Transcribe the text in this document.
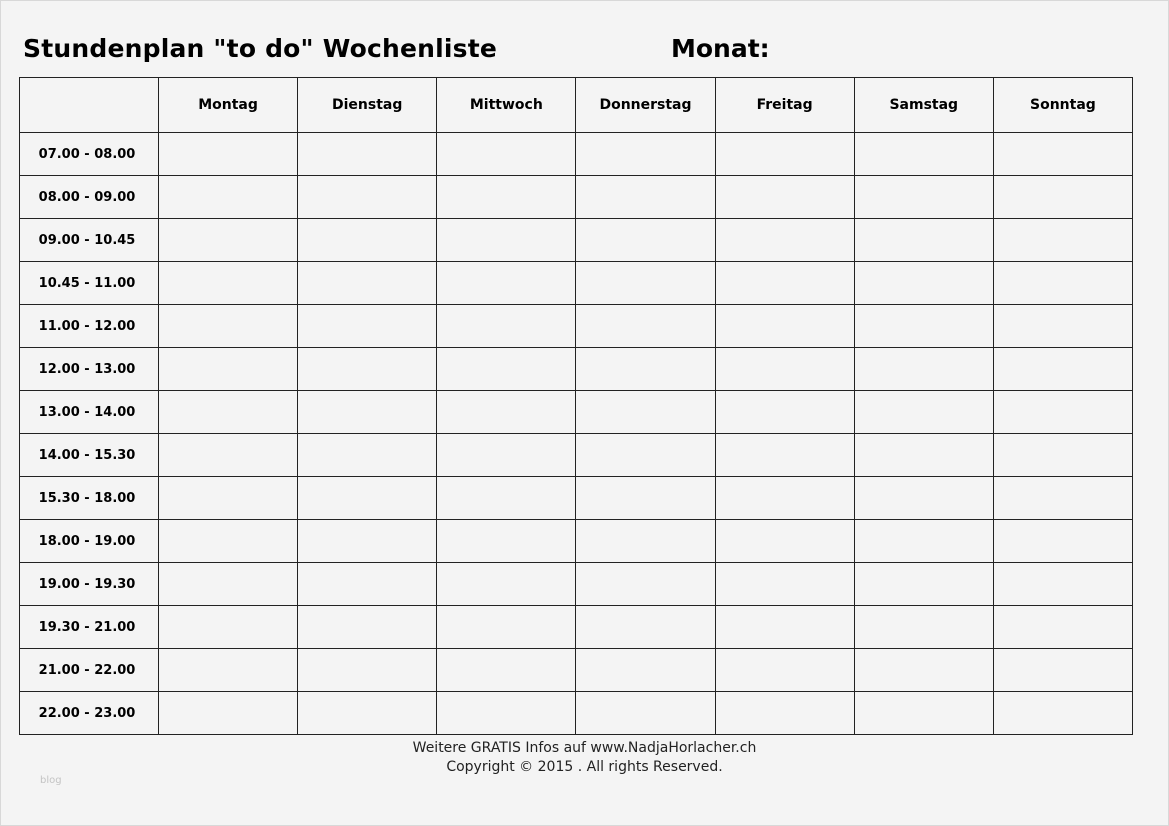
Stundenplan "to do" Wochenliste	Monat:
	Montag	Dienstag	Mittwoch	Donnerstag	Freitag	Samstag	Sonntag
07.00 - 08.00							
08.00 - 09.00							
09.00 - 10.45							
10.45 - 11.00							
11.00 - 12.00							
12.00 - 13.00							
13.00 - 14.00							
14.00 - 15.30							
15.30 - 18.00							
18.00 - 19.00							
19.00 - 19.30							
19.30 - 21.00							
21.00 - 22.00							
22.00 - 23.00							
Weitere GRATIS Infos auf www.NadjaHorlacher.ch
Copyright © 2015 . All rights Reserved.
blog
